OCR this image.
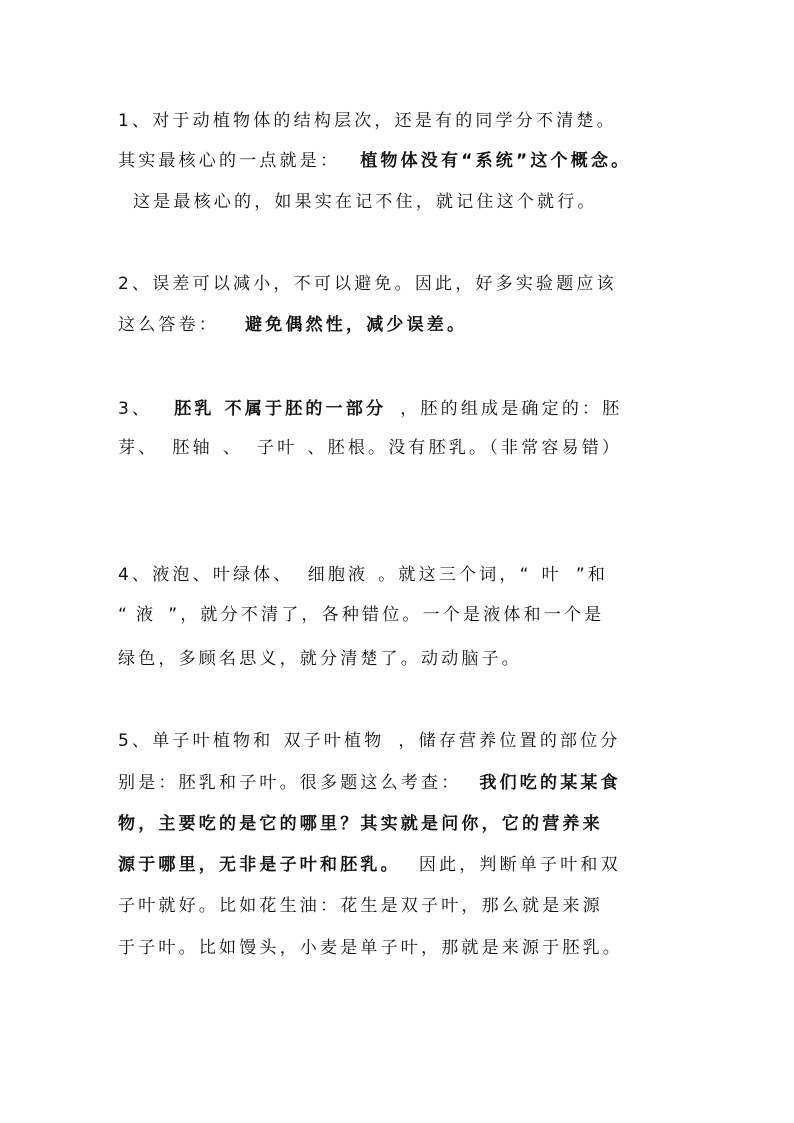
1、对于动植物体的结构层次，还是有的同学分不清楚。
其实最核心的一点就是： 植物体没有“系统”这个概念。
这是最核心的，如果实在记不住，就记住这个就行。
2、误差可以减小，不可以避免。因此，好多实验题应该
这么答卷： 避免偶然性，减少误差。
3、 胚乳 不属于胚的一部分 ，胚的组成是确定的：胚
芽、 胚轴 、 子叶 、胚根。没有胚乳。（非常容易错）
4、液泡、叶绿体、 细胞液 。就这三个词，“ 叶 ”和
“ 液 ”，就分不清了，各种错位。一个是液体和一个是
绿色，多顾名思义，就分清楚了。动动脑子。
5、单子叶植物和 双子叶植物 ，储存营养位置的部位分
别是：胚乳和子叶。很多题这么考查： 我们吃的某某食
物，主要吃的是它的哪里？其实就是问你，它的营养来
源于哪里，无非是子叶和胚乳。 因此，判断单子叶和双
子叶就好。比如花生油：花生是双子叶，那么就是来源
于子叶。比如馒头，小麦是单子叶，那就是来源于胚乳。
